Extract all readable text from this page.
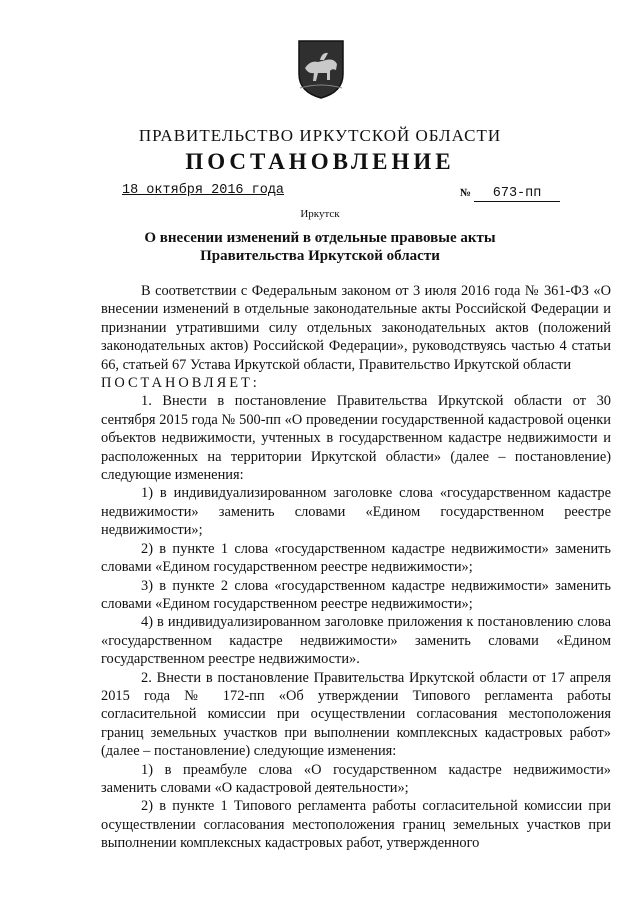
ПРАВИТЕЛЬСТВО ИРКУТСКОЙ ОБЛАСТИ
ПОСТАНОВЛЕНИЕ
18 октября 2016 года	№ 673-пп
Иркутск
О внесении изменений в отдельные правовые акты
Правительства Иркутской области

В соответствии с Федеральным законом от 3 июля 2016 года № 361-ФЗ «О внесении изменений в отдельные законодательные акты Российской Федерации и признании утратившими силу отдельных законодательных актов (положений законодательных актов) Российской Федерации», руководствуясь частью 4 статьи 66, статьей 67 Устава Иркутской области, Правительство Иркутской области

ПОСТАНОВЛЯЕТ:

1. Внести в постановление Правительства Иркутской области от 30 сентября 2015 года № 500-пп «О проведении государственной кадастровой оценки объектов недвижимости, учтенных в государственном кадастре недвижимости и расположенных на территории Иркутской области» (далее – постановление) следующие изменения:

1) в индивидуализированном заголовке слова «государственном кадастре недвижимости» заменить словами «Едином государственном реестре недвижимости»;

2) в пункте 1 слова «государственном кадастре недвижимости» заменить словами «Едином государственном реестре недвижимости»;

3) в пункте 2 слова «государственном кадастре недвижимости» заменить словами «Едином государственном реестре недвижимости»;

4) в индивидуализированном заголовке приложения к постановлению слова «государственном кадастре недвижимости» заменить словами «Едином государственном реестре недвижимости».

2. Внести в постановление Правительства Иркутской области от 17 апреля 2015 года № 172-пп «Об утверждении Типового регламента работы согласительной комиссии при осуществлении согласования местоположения границ земельных участков при выполнении комплексных кадастровых работ» (далее – постановление) следующие изменения:

1) в преамбуле слова «О государственном кадастре недвижимости» заменить словами «О кадастровой деятельности»;

2) в пункте 1 Типового регламента работы согласительной комиссии при осуществлении согласования местоположения границ земельных участков при выполнении комплексных кадастровых работ, утвержденного
